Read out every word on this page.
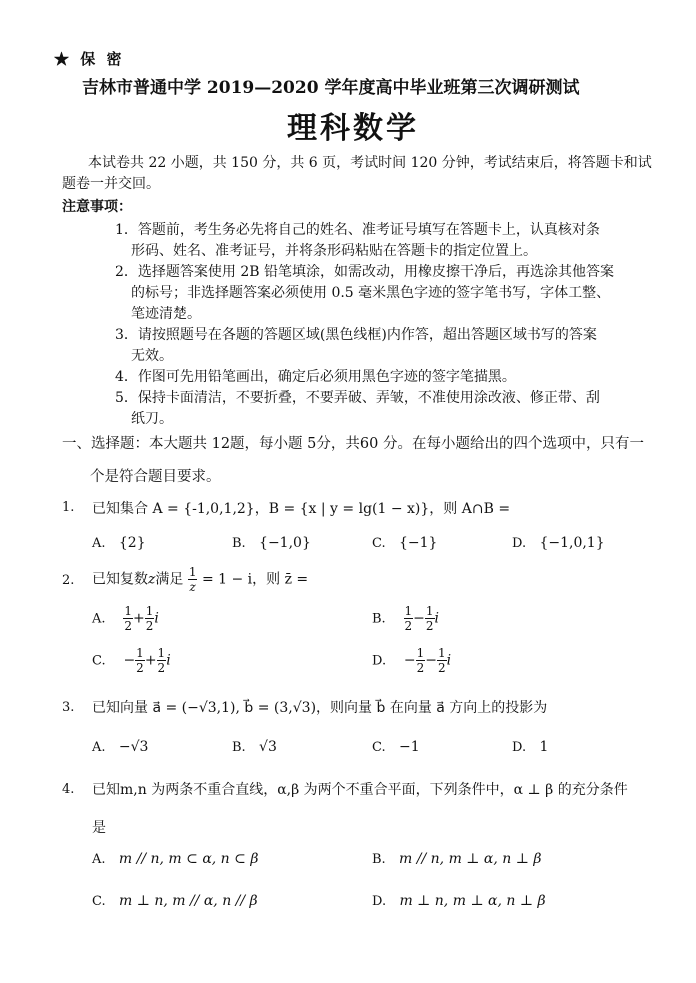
★ 保 密
吉林市普通中学 2019—2020 学年度高中毕业班第三次调研测试
理科数学
本试卷共 22 小题，共 150 分，共 6 页，考试时间 120 分钟，考试结束后，将答题卡和试
题卷一并交回。
注意事项：
1．答题前，考生务必先将自己的姓名、准考证号填写在答题卡上，认真核对条
形码、姓名、准考证号，并将条形码粘贴在答题卡的指定位置上。
2．选择题答案使用 2B 铅笔填涂，如需改动，用橡皮擦干净后，再选涂其他答案
的标号；非选择题答案必须使用 0.5 毫米黑色字迹的签字笔书写，字体工整、
笔迹清楚。
3．请按照题号在各题的答题区域(黑色线框)内作答，超出答题区域书写的答案
无效。
4．作图可先用铅笔画出，确定后必须用黑色字迹的签字笔描黑。
5．保持卡面清洁，不要折叠，不要弄破、弄皱，不准使用涂改液、修正带、刮
纸刀。
一、选择题：本大题共 12题，每小题 5分，共60 分。在每小题给出的四个选项中，只有一
个是符合题目要求。
1. 已知集合 A = {-1,0,1,2}，B = {x | y = lg(1 − x)}，则 A∩B =
A. {2}	B. {−1,0}	C. {−1}	D. {−1,0,1}
2. 已知复数z满足 $\frac{1}{z} = 1 - i$，则 z̄ =
A. $\frac{1}{2} + \frac{1}{2}$ i	B. $\frac{1}{2} - \frac{1}{2}$ i
C. − $\frac{1}{2} + \frac{1}{2}$ i	D. − $\frac{1}{2} - \frac{1}{2}$ i
3. 已知向量 a⃗ = (−√3,1), b⃗ = (3,√3)，则向量 b⃗ 在向量 a⃗ 方向上的投影为
A. −√3	B. √3	C. −1	D. 1
4. 已知m,n 为两条不重合直线，α,β 为两个不重合平面，下列条件中，α ⊥ β 的充分条件
是
A. m // n, m ⊂ α, n ⊂ β	B. m // n, m ⊥ α, n ⊥ β
C. m ⊥ n, m // α, n // β	D. m ⊥ n, m ⊥ α, n ⊥ β
